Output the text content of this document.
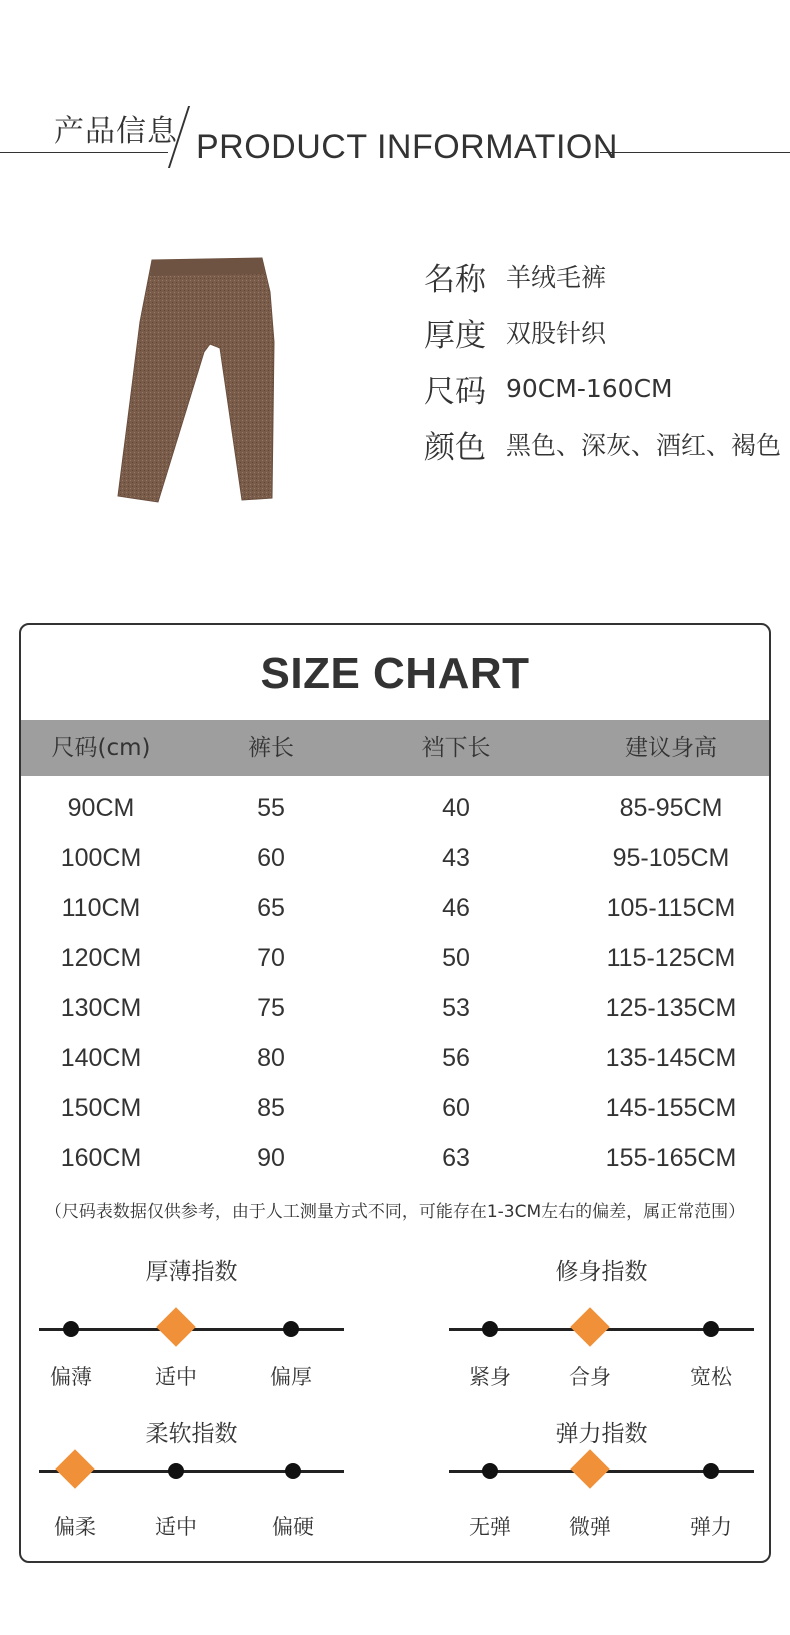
产品信息 PRODUCT INFORMATION
名称 羊绒毛裤
厚度 双股针织
尺码 90CM-160CM
颜色 黑色、深灰、酒红、褐色
SIZE CHART
尺码(cm)	裤长	裆下长	建议身高
90CM	55	40	85-95CM
100CM	60	43	95-105CM
110CM	65	46	105-115CM
120CM	70	50	115-125CM
130CM	75	53	125-135CM
140CM	80	56	135-145CM
150CM	85	60	145-155CM
160CM	90	63	155-165CM
（尺码表数据仅供参考，由于人工测量方式不同，可能存在1-3CM左右的偏差，属正常范围）
厚薄指数
偏薄	适中	偏厚
修身指数
紧身	合身	宽松
柔软指数
偏柔	适中	偏硬
弹力指数
无弹	微弹	弹力
